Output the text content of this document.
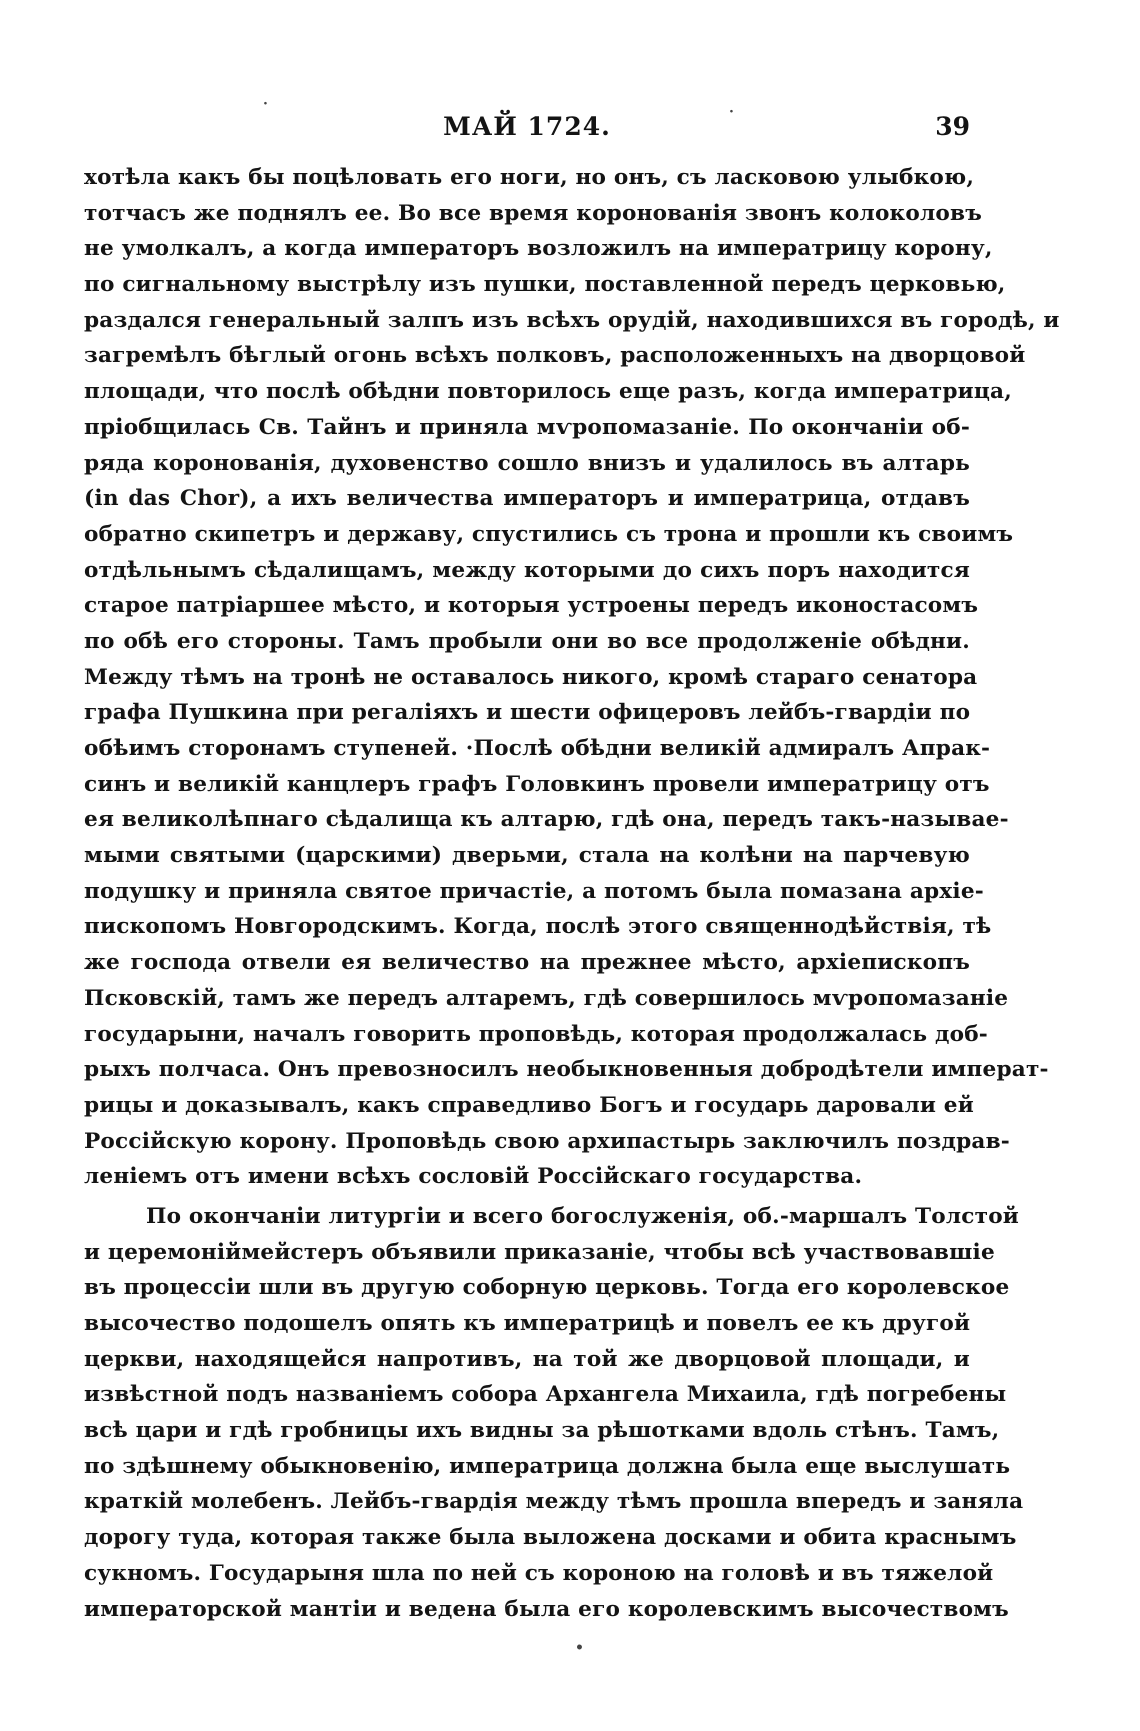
МАЙ 1724.	39
хотѣла какъ бы поцѣловать его ноги, но онъ, съ ласковою улыбкою,
тотчасъ же поднялъ ее. Во все время коронованія звонъ колоколовъ
не умолкалъ, а когда императоръ возложилъ на императрицу корону,
по сигнальному выстрѣлу изъ пушки, поставленной передъ церковью,
раздался генеральный залпъ изъ всѣхъ орудій, находившихся въ городѣ, и
загремѣлъ бѣглый огонь всѣхъ полковъ, расположенныхъ на дворцовой
площади, что послѣ обѣдни повторилось еще разъ, когда императрица,
пріобщилась Св. Тайнъ и приняла мѵропомазаніе. По окончаніи об-
ряда коронованія, духовенство сошло внизъ и удалилось въ алтарь
(in das Chor), а ихъ величества императоръ и императрица, отдавъ
обратно скипетръ и державу, спустились съ трона и прошли къ своимъ
отдѣльнымъ сѣдалищамъ, между которыми до сихъ поръ находится
старое патріаршее мѣсто, и которыя устроены передъ иконостасомъ
по обѣ его стороны. Тамъ пробыли они во все продолженіе обѣдни.
Между тѣмъ на тронѣ не оставалось никого, кромѣ стараго сенатора
графа Пушкина при регаліяхъ и шести офицеровъ лейбъ-гвардіи по
обѣимъ сторонамъ ступеней. ·Послѣ обѣдни великій адмиралъ Апрак-
синъ и великій канцлеръ графъ Головкинъ провели императрицу отъ
ея великолѣпнаго сѣдалища къ алтарю, гдѣ она, передъ такъ-называе-
мыми святыми (царскими) дверьми, стала на колѣни на парчевую
подушку и приняла святое причастіе, а потомъ была помазана архіе-
пископомъ Новгородскимъ. Когда, послѣ этого священнодѣйствія, тѣ
же господа отвели ея величество на прежнее мѣсто, архіепископъ
Псковскій, тамъ же передъ алтаремъ, гдѣ совершилось мѵропомазаніе
государыни, началъ говорить проповѣдь, которая продолжалась доб-
рыхъ полчаса. Онъ превозносилъ необыкновенныя добродѣтели императ-
рицы и доказывалъ, какъ справедливо Богъ и государь даровали ей
Россійскую корону. Проповѣдь свою архипастырь заключилъ поздрав-
леніемъ отъ имени всѣхъ сословій Россійскаго государства.
По окончаніи литургіи и всего богослуженія, об.-маршалъ Толстой
и церемоніймейстеръ объявили приказаніе, чтобы всѣ участвовавшіе
въ процессіи шли въ другую соборную церковь. Тогда его королевское
высочество подошелъ опять къ императрицѣ и повелъ ее къ другой
церкви, находящейся напротивъ, на той же дворцовой площади, и
извѣстной подъ названіемъ собора Архангела Михаила, гдѣ погребены
всѣ цари и гдѣ гробницы ихъ видны за рѣшотками вдоль стѣнъ. Тамъ,
по здѣшнему обыкновенію, императрица должна была еще выслушать
краткій молебенъ. Лейбъ-гвардія между тѣмъ прошла впередъ и заняла
дорогу туда, которая также была выложена досками и обита краснымъ
сукномъ. Государыня шла по ней съ короною на головѣ и въ тяжелой
императорской мантіи и ведена была его королевскимъ высочествомъ
·	·
•
